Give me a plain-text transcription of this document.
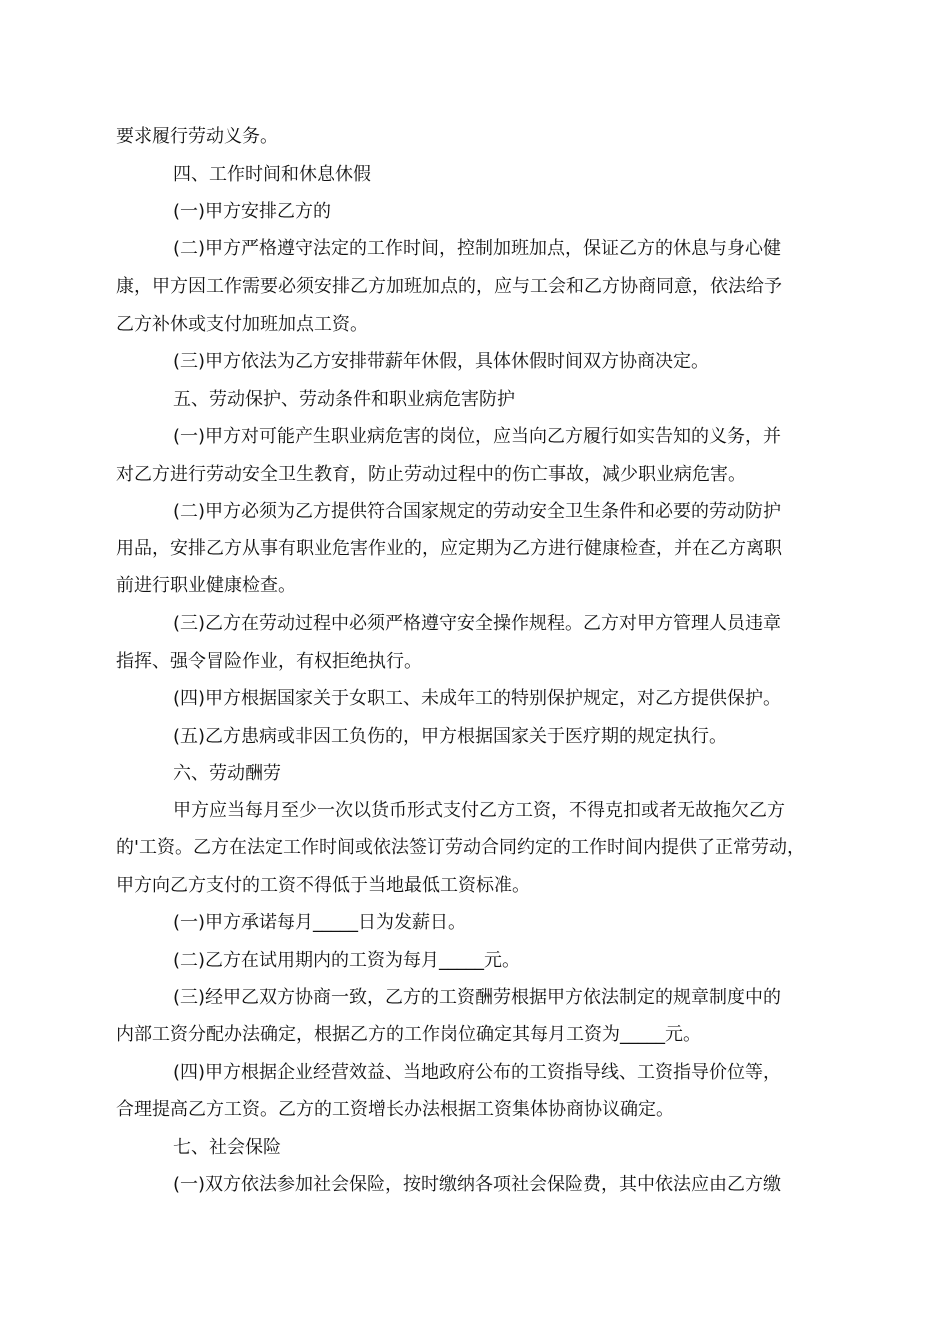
要求履行劳动义务。
四、工作时间和休息休假
(一)甲方安排乙方的
(二)甲方严格遵守法定的工作时间，控制加班加点，保证乙方的休息与身心健
康，甲方因工作需要必须安排乙方加班加点的，应与工会和乙方协商同意，依法给予
乙方补休或支付加班加点工资。
(三)甲方依法为乙方安排带薪年休假，具体休假时间双方协商决定。
五、劳动保护、劳动条件和职业病危害防护
(一)甲方对可能产生职业病危害的岗位，应当向乙方履行如实告知的义务，并
对乙方进行劳动安全卫生教育，防止劳动过程中的伤亡事故，减少职业病危害。
(二)甲方必须为乙方提供符合国家规定的劳动安全卫生条件和必要的劳动防护
用品，安排乙方从事有职业危害作业的，应定期为乙方进行健康检查，并在乙方离职
前进行职业健康检查。
(三)乙方在劳动过程中必须严格遵守安全操作规程。乙方对甲方管理人员违章
指挥、强令冒险作业，有权拒绝执行。
(四)甲方根据国家关于女职工、未成年工的特别保护规定，对乙方提供保护。
(五)乙方患病或非因工负伤的，甲方根据国家关于医疗期的规定执行。
六、劳动酬劳
甲方应当每月至少一次以货币形式支付乙方工资，不得克扣或者无故拖欠乙方
的'工资。乙方在法定工作时间或依法签订劳动合同约定的工作时间内提供了正常劳动，
甲方向乙方支付的工资不得低于当地最低工资标准。
(一)甲方承诺每月_____日为发薪日。
(二)乙方在试用期内的工资为每月_____元。
(三)经甲乙双方协商一致，乙方的工资酬劳根据甲方依法制定的规章制度中的
内部工资分配办法确定，根据乙方的工作岗位确定其每月工资为_____元。
(四)甲方根据企业经营效益、当地政府公布的工资指导线、工资指导价位等，
合理提高乙方工资。乙方的工资增长办法根据工资集体协商协议确定。
七、社会保险
(一)双方依法参加社会保险，按时缴纳各项社会保险费，其中依法应由乙方缴
